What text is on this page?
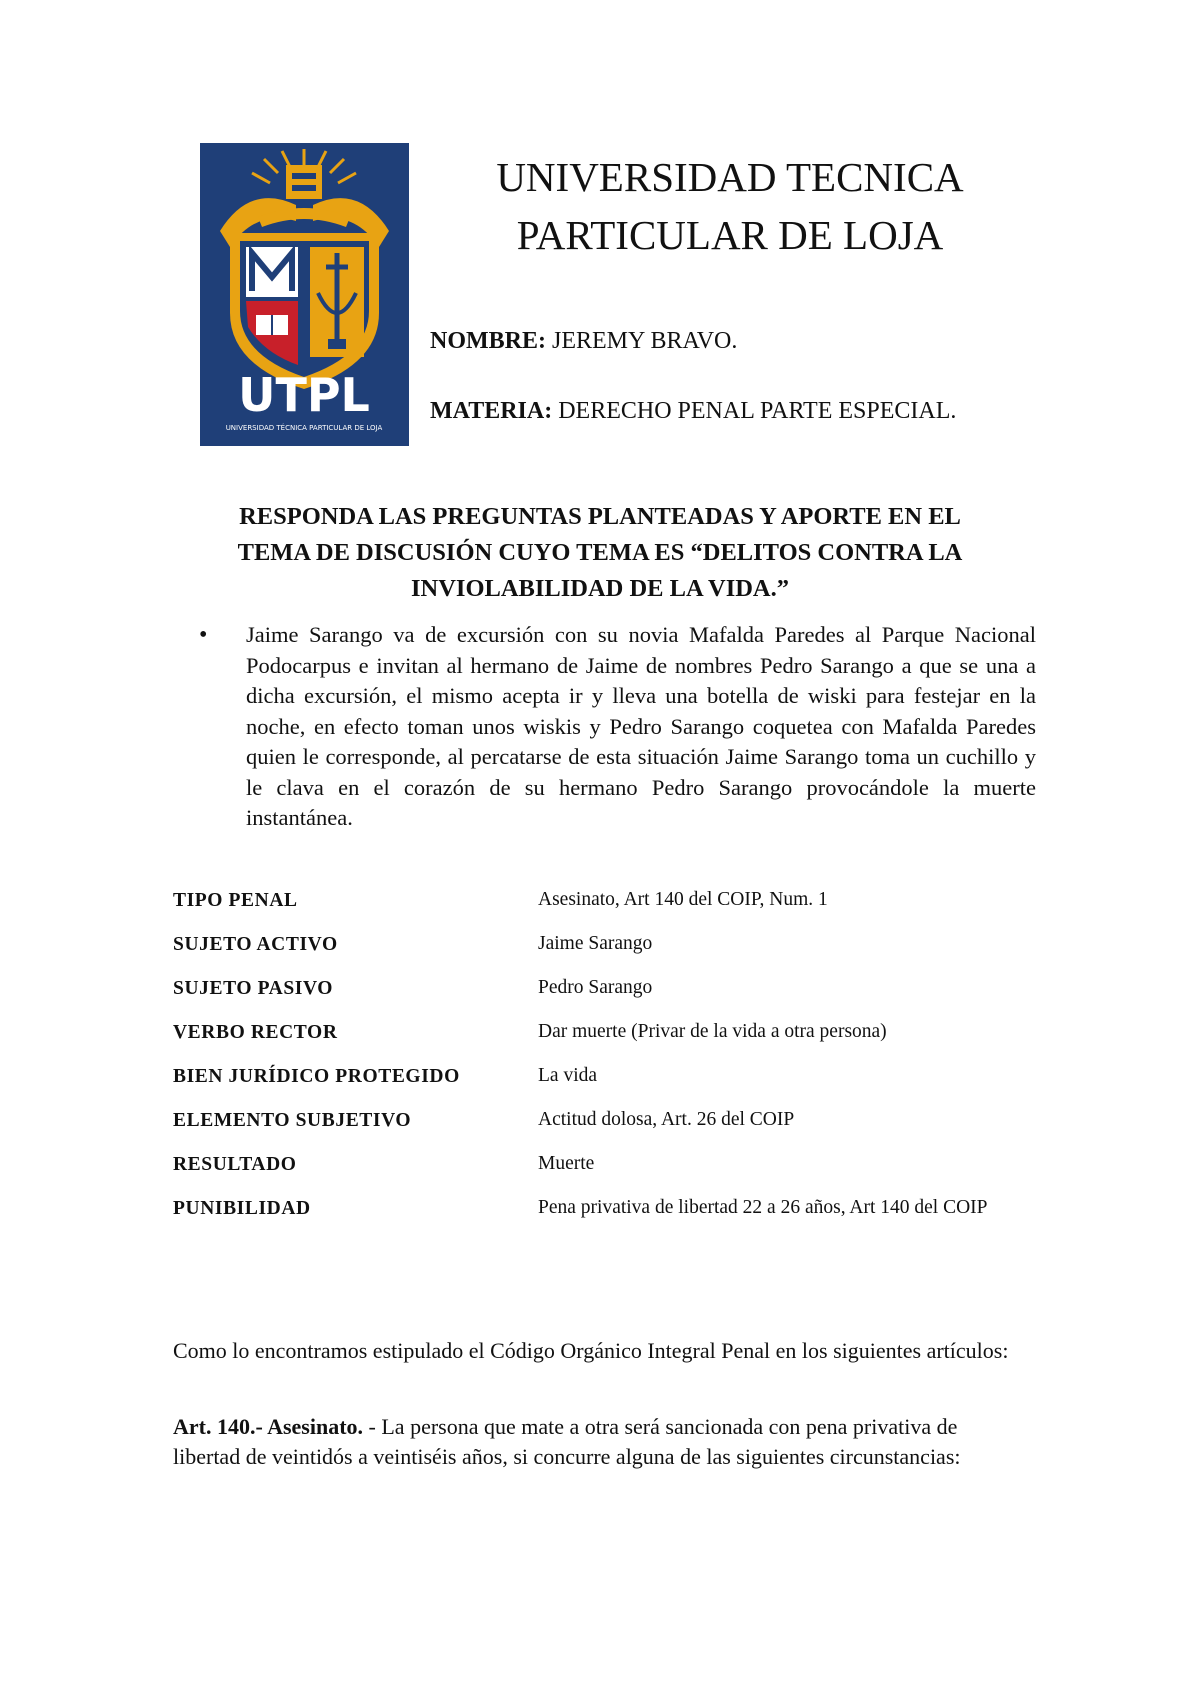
UTPL
UNIVERSIDAD TÉCNICA PARTICULAR DE LOJA
UNIVERSIDAD TECNICA
PARTICULAR DE LOJA
NOMBRE: JEREMY BRAVO.
MATERIA: DERECHO PENAL PARTE ESPECIAL.
RESPONDA LAS PREGUNTAS PLANTEADAS Y APORTE EN EL
TEMA DE DISCUSIÓN CUYO TEMA ES “DELITOS CONTRA LA
INVIOLABILIDAD DE LA VIDA.”
• Jaime Sarango va de excursión con su novia Mafalda Paredes al Parque Nacional Podocarpus e invitan al hermano de Jaime de nombres Pedro Sarango a que se una a dicha excursión, el mismo acepta ir y lleva una botella de wiski para festejar en la noche, en efecto toman unos wiskis y Pedro Sarango coquetea con Mafalda Paredes quien le corresponde, al percatarse de esta situación Jaime Sarango toma un cuchillo y le clava en el corazón de su hermano Pedro Sarango provocándole la muerte instantánea.
TIPO PENAL	Asesinato, Art 140 del COIP, Num. 1
SUJETO ACTIVO	Jaime Sarango
SUJETO PASIVO	Pedro Sarango
VERBO RECTOR	Dar muerte (Privar de la vida a otra persona)
BIEN JURÍDICO PROTEGIDO	La vida
ELEMENTO SUBJETIVO	Actitud dolosa, Art. 26 del COIP
RESULTADO	Muerte
PUNIBILIDAD	Pena privativa de libertad 22 a 26 años, Art 140 del COIP
Como lo encontramos estipulado el Código Orgánico Integral Penal en los siguientes artículos:
Art. 140.- Asesinato. - La persona que mate a otra será sancionada con pena privativa de libertad de veintidós a veintiséis años, si concurre alguna de las siguientes circunstancias:
